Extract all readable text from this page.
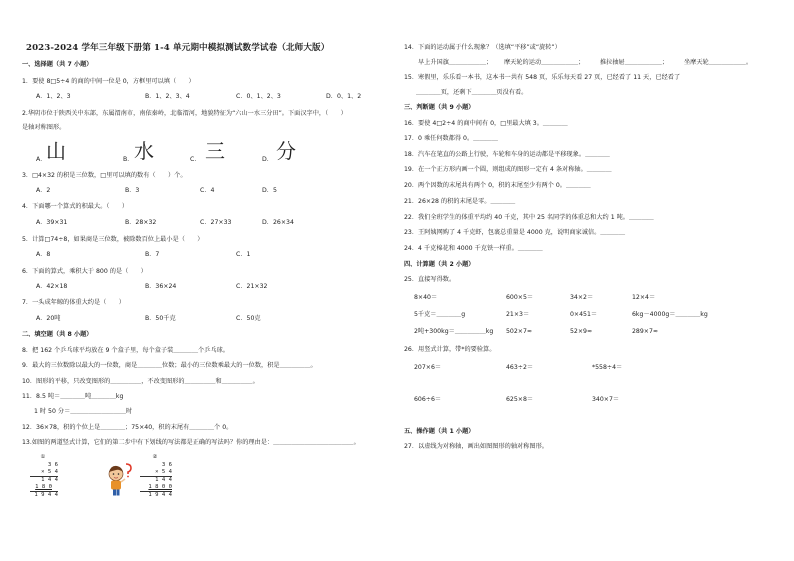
2023-2024 学年三年级下册第 1-4 单元期中模拟测试数学试卷（北师大版）
一、选择题（共 7 小题）
1．要使 8□5÷4 的商的中间一位是 0，方框里可以填（　　）
A．1、2、3	B．1、2、3、4	C．0、1、2、3	D．0、1、2
2.华阴市位于陕西关中东部，东属渭南市，南依秦岭，北临渭河，地貌特征为“六山一水三分田”。下面汉字中，（　　）
是轴对称图形。
A． 山	B． 水	C． 三	D． 分
3．□4×32 的积是三位数，□里可以填的数有（　　）个。
A．2	B．3	C．4	D．5
4．下面哪一个算式的积最大。（　　）
A．39×31	B．28×32	C．27×33	D．26×34
5．计算□74÷8，如果商是三位数，被除数百位上最小是（　　）
A．8	B．7	C．1
6．下面的算式，乘积大于 800 的是（　　）
A．42×18	B．36×24	C．21×32
7．一头成年鲸的体重大约是（　　）
A．20吨	B．50千克	C．50克
二、填空题（共 8 小题）
8．把 162 个乒乓球平均放在 9 个盒子里，每个盒子装＿＿＿＿个乒乓球。
9．最大的三位数除以最大的一位数，商是＿＿＿＿位数；最小的三位数乘最大的一位数，积是＿＿＿＿＿。
10．图形的平移，只改变图形的＿＿＿＿＿，不改变图形的＿＿＿＿＿和＿＿＿＿＿。
11．8.5 吨＝＿＿＿＿吨＿＿＿＿kg
1 时 50 分＝＿＿＿＿＿＿＿＿＿时
12．36×78，积的个位上是＿＿＿＿；75×40，积的末尾有＿＿＿＿个 0。
13.如图的两道竖式计算，它们的第二步中有下划线的写法都是正确的写法吗？你的理由是：＿＿＿＿＿＿＿＿＿＿＿＿＿。
①
3 6
× 5 4
1 4 4
1 8 0
1 9 4 4
②
3 6
× 5 4
1 4 4
1 8 0 0
1 9 4 4
14．下面的运动属于什么现象？（选填“平移”或“旋转”）
早上升国旗＿＿＿＿＿＿； 摩天轮的运动＿＿＿＿＿＿；	推拉抽屉＿＿＿＿＿＿；	坐摩天轮＿＿＿＿＿＿。
15．寒假里，乐乐看一本书，这本书一共有 548 页，乐乐每天看 27 页，已经看了 11 天，已经看了
＿＿＿＿页，还剩下＿＿＿＿页没有看。
三、判断题（共 9 小题）
16．要使 4□2÷4 的商中间有 0，□里最大填 3。＿＿＿＿
17．0 乘任何数都得 0。＿＿＿＿
18．汽车在笔直的公路上行驶，车轮和车身的运动都是平移现象。＿＿＿＿
19．在一个正方形内画一个圆，则组成的图形一定有 4 条对称轴。＿＿＿＿
20．两个因数的末尾共有两个 0，积的末尾至少有两个 0。＿＿＿＿
21．26×28 的积的末尾是零。＿＿＿＿
22．我们全班学生的体重平均约 40 千克，其中 25 名同学的体重总和大约 1 吨。＿＿＿＿
23．王阿姨网购了 4 千克虾，包裹总重量是 4000 克，说明商家诚信。＿＿＿＿
24．4 千克棉花和 4000 千克铁一样重。＿＿＿＿
四、计算题（共 2 小题）
25．直接写得数。
8×40＝	600×5＝	34×2＝	12×4＝
5千克＝＿＿＿＿g	21×3＝	0×451＝	6kg－4000g＝＿＿＿＿kg
2吨+300kg＝＿＿＿＿＿kg 502×7≈	52×9≈	289×7≈
26．用竖式计算，带*的要验算。
207×6＝	463÷2＝	*558÷4＝
606÷6＝	625×8＝	340×7＝
五、操作题（共 1 小题）
27．以虚线为对称轴，画出如图图形的轴对称图形。
